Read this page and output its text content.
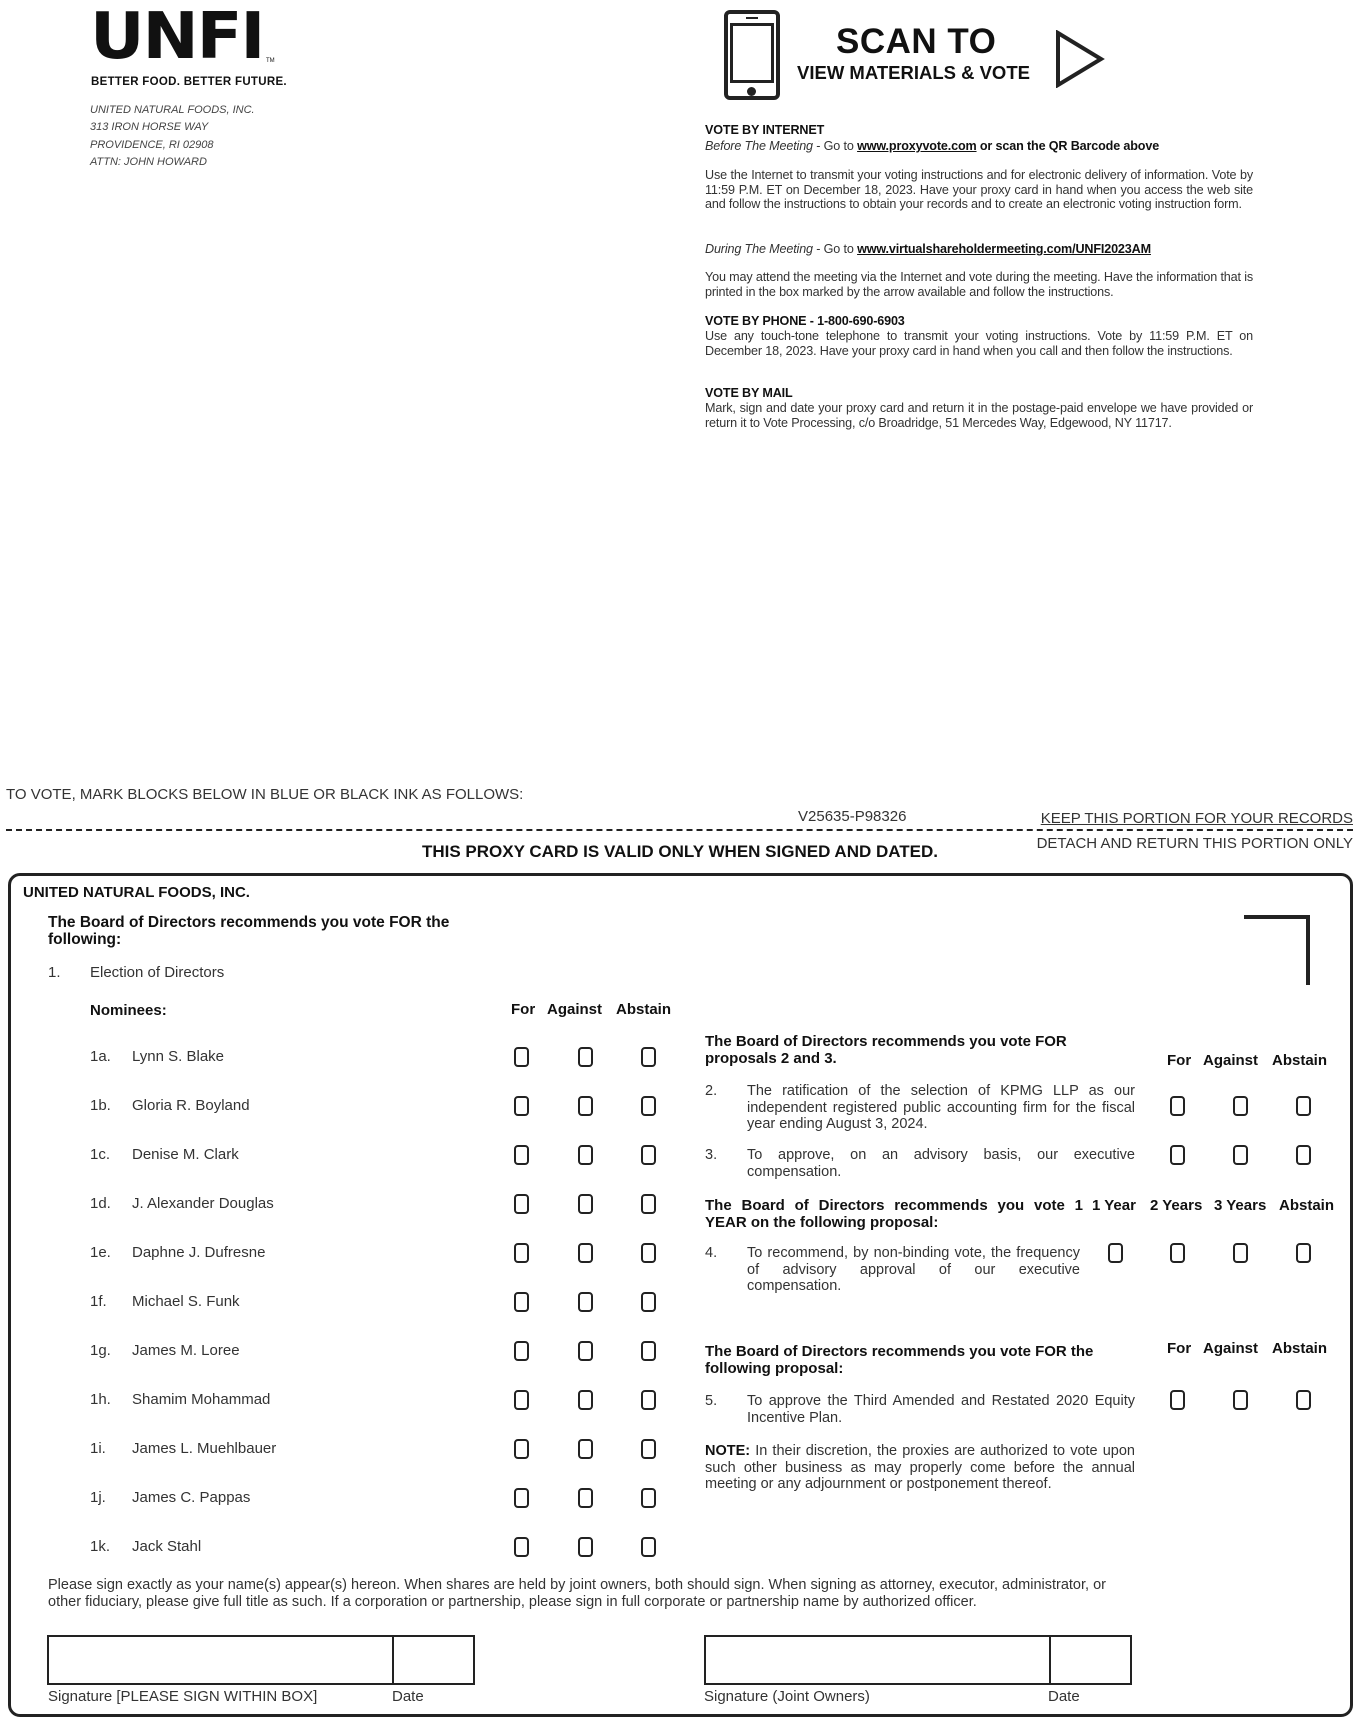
UNFI TM
BETTER FOOD. BETTER FUTURE.
UNITED NATURAL FOODS, INC.
313 IRON HORSE WAY
PROVIDENCE, RI 02908
ATTN: JOHN HOWARD
SCAN TO
VIEW MATERIALS & VOTE
VOTE BY INTERNET
Before The Meeting - Go to www.proxyvote.com or scan the QR Barcode above
Use the Internet to transmit your voting instructions and for electronic delivery of information. Vote by 11:59 P.M. ET on December 18, 2023. Have your proxy card in hand when you access the web site and follow the instructions to obtain your records and to create an electronic voting instruction form.
During The Meeting - Go to www.virtualshareholdermeeting.com/UNFI2023AM
You may attend the meeting via the Internet and vote during the meeting. Have the information that is printed in the box marked by the arrow available and follow the instructions.
VOTE BY PHONE - 1-800-690-6903
Use any touch-tone telephone to transmit your voting instructions. Vote by 11:59 P.M. ET on December 18, 2023. Have your proxy card in hand when you call and then follow the instructions.
VOTE BY MAIL
Mark, sign and date your proxy card and return it in the postage-paid envelope we have provided or return it to Vote Processing, c/o Broadridge, 51 Mercedes Way, Edgewood, NY 11717.
TO VOTE, MARK BLOCKS BELOW IN BLUE OR BLACK INK AS FOLLOWS:
V25635-P98326	KEEP THIS PORTION FOR YOUR RECORDS
DETACH AND RETURN THIS PORTION ONLY
THIS PROXY CARD IS VALID ONLY WHEN SIGNED AND DATED.
UNITED NATURAL FOODS, INC.
The Board of Directors recommends you vote FOR the following:
1. Election of Directors
Nominees:	For Against Abstain
1a. Lynn S. Blake
1b. Gloria R. Boyland
1c. Denise M. Clark
1d. J. Alexander Douglas
1e. Daphne J. Dufresne
1f. Michael S. Funk
1g. James M. Loree
1h. Shamim Mohammad
1i. James L. Muehlbauer
1j. James C. Pappas
1k. Jack Stahl
The Board of Directors recommends you vote FOR proposals 2 and 3.	For Against Abstain
2. The ratification of the selection of KPMG LLP as our independent registered public accounting firm for the fiscal year ending August 3, 2024.
3. To approve, on an advisory basis, our executive compensation.
The Board of Directors recommends you vote 1 YEAR on the following proposal:
1 Year 2 Years 3 Years Abstain
4. To recommend, by non-binding vote, the frequency of advisory approval of our executive compensation.
The Board of Directors recommends you vote FOR the following proposal:
For Against Abstain
5. To approve the Third Amended and Restated 2020 Equity Incentive Plan.
NOTE: In their discretion, the proxies are authorized to vote upon such other business as may properly come before the annual meeting or any adjournment or postponement thereof.
Please sign exactly as your name(s) appear(s) hereon. When shares are held by joint owners, both should sign. When signing as attorney, executor, administrator, or other fiduciary, please give full title as such. If a corporation or partnership, please sign in full corporate or partnership name by authorized officer.
Signature [PLEASE SIGN WITHIN BOX]	Date	Signature (Joint Owners)	Date
